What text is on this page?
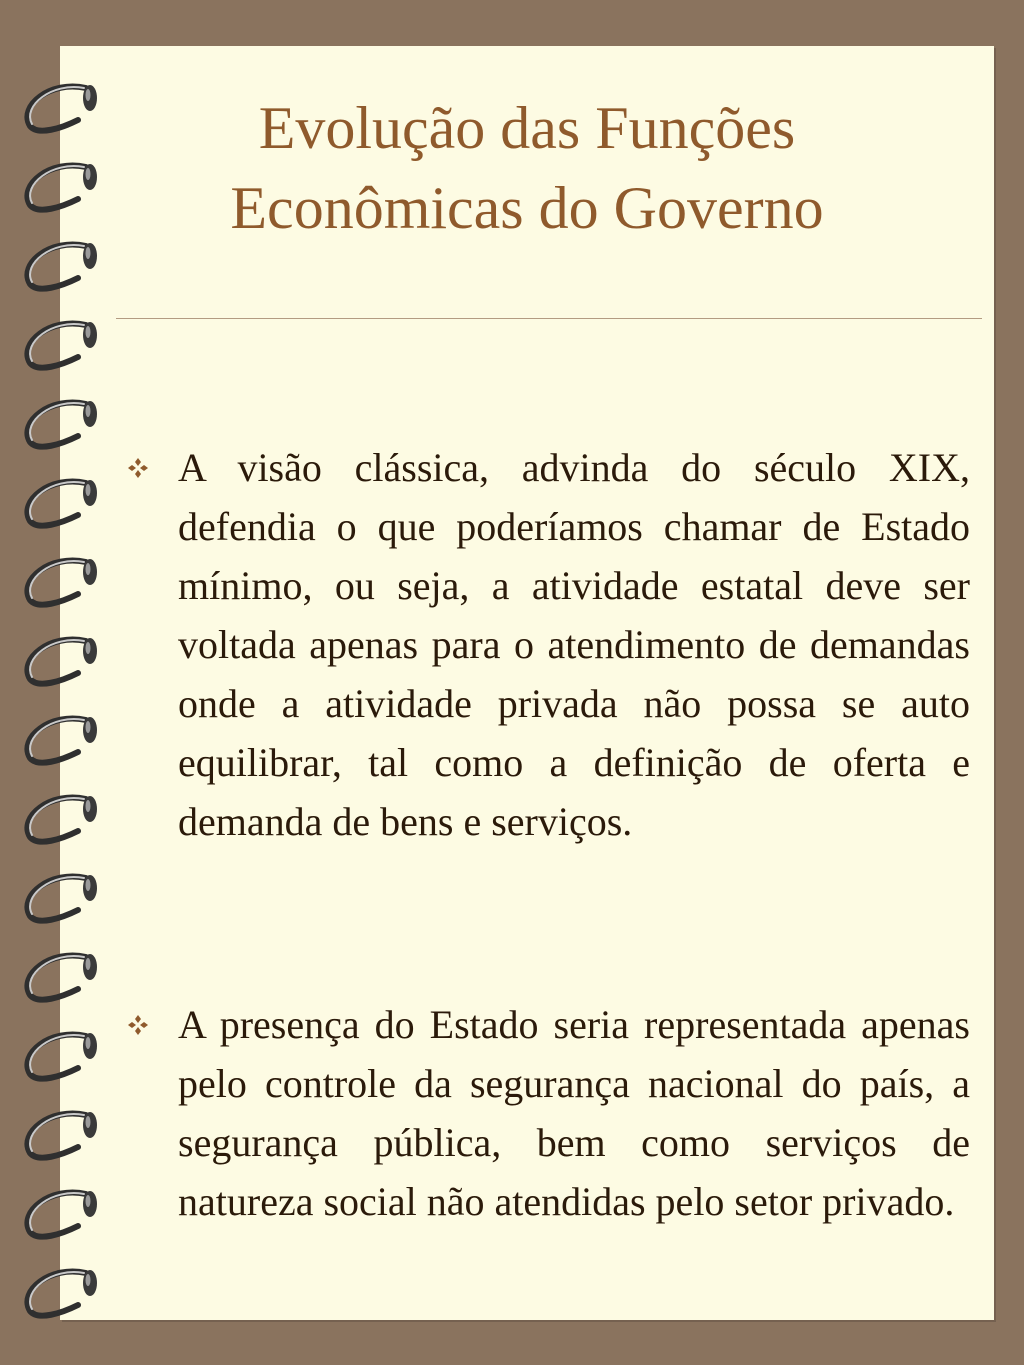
Evolução das Funções
Econômicas do Governo

A visão clássica, advinda do século XIX, defendia o que poderíamos chamar de Estado mínimo, ou seja, a atividade estatal deve ser voltada apenas para o atendimento de demandas onde a atividade privada não possa se auto equilibrar, tal como a definição de oferta e demanda de bens e serviços.

A presença do Estado seria representada apenas pelo controle da segurança nacional do país, a segurança pública, bem como serviços de natureza social não atendidas pelo setor privado.
